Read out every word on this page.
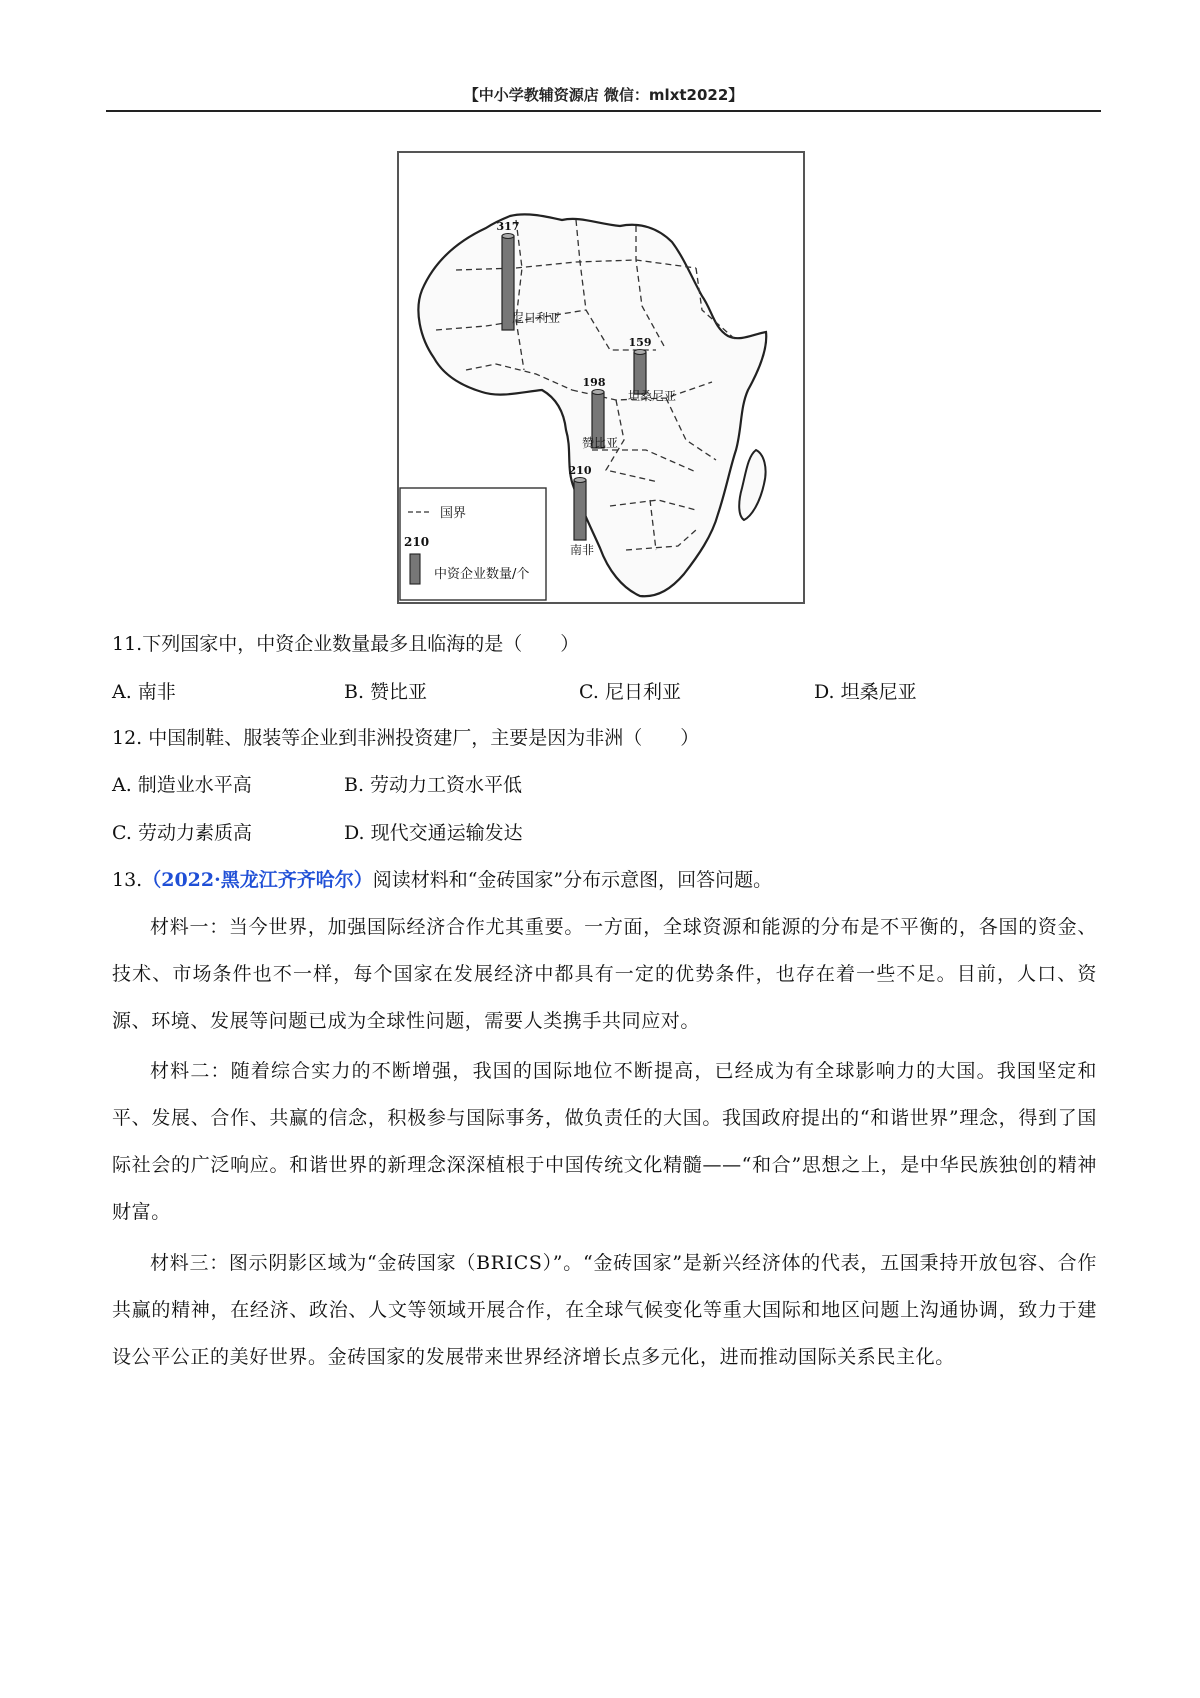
【中小学教辅资源店 微信：mlxt2022】
317
尼日利亚
159
坦桑尼亚
198
赞比亚
210
南非
国界
210
中资企业数量/个
11.下列国家中，中资企业数量最多且临海的是（　　）
A. 南非	B. 赞比亚	C. 尼日利亚	D. 坦桑尼亚
12. 中国制鞋、服装等企业到非洲投资建厂，主要是因为非洲（　　）
A. 制造业水平高	B. 劳动力工资水平低
C. 劳动力素质高	D. 现代交通运输发达
13.（2022·黑龙江齐齐哈尔）阅读材料和“金砖国家”分布示意图，回答问题。
材料一：当今世界，加强国际经济合作尤其重要。一方面，全球资源和能源的分布是不平衡的，各国的资金、技术、市场条件也不一样，每个国家在发展经济中都具有一定的优势条件，也存在着一些不足。目前，人口、资源、环境、发展等问题已成为全球性问题，需要人类携手共同应对。
材料二：随着综合实力的不断增强，我国的国际地位不断提高，已经成为有全球影响力的大国。我国坚定和平、发展、合作、共赢的信念，积极参与国际事务，做负责任的大国。我国政府提出的“和谐世界”理念，得到了国际社会的广泛响应。和谐世界的新理念深深植根于中国传统文化精髓——“和合”思想之上，是中华民族独创的精神财富。
材料三：图示阴影区域为“金砖国家（BRICS）”。“金砖国家”是新兴经济体的代表，五国秉持开放包容、合作共赢的精神，在经济、政治、人文等领域开展合作，在全球气候变化等重大国际和地区问题上沟通协调，致力于建设公平公正的美好世界。金砖国家的发展带来世界经济增长点多元化，进而推动国际关系民主化。
